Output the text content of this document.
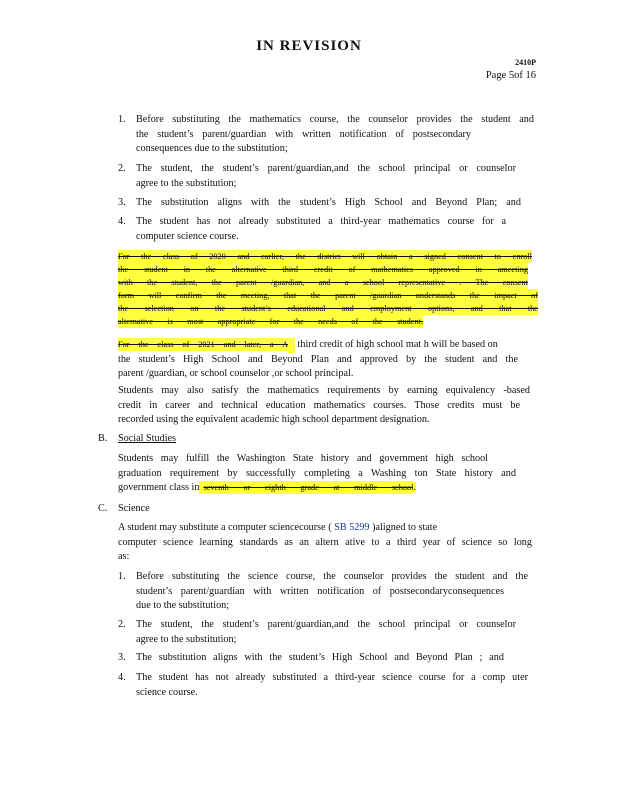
IN REVISION
2410P
Page 5of 16
1. Before substituting the mathematics course, the counselor provides the student and
the student’s parent/guardian with written notification of postsecondary
consequences due to the substitution;
2. The student, the student’s parent/guardian,and the school principal or counselor
agree to the substitution;
3. The substitution aligns with the student’s High School and Beyond Plan; and
4. The student has not already substituted a third-year mathematics course for a
computer science course.
For the class of 2020 and earlier, the district will obtain a signed consent to enroll
the student in the alternative third credit of mathematics approved in ameeting
with the student, the parent /guardian, and a school representative . The consent
form will confirm the meeting, that the parent /guardian understands the impact of
the selection on the student’s educational and employment options, and that the
alternative is most appropriate for the needs of the student.
For the class of 2021 and later, a A third credit of high school mat h will be based on
the student’s High School and Beyond Plan and approved by the student and the
parent /guardian, or school counselor ,or school principal.
Students may also satisfy the mathematics requirements by earning equivalency -based
credit in career and technical education mathematics courses. Those credits must be
recorded using the equivalent academic high school department designation.
B. Social Studies
Students may fulfill the Washington State history and government high school
graduation requirement by successfully completing a Washing ton State history and
government class in seventh or eighth grade at middle school.
C. Science
A student may substitute a computer sciencecourse ( SB 5299 )aligned to state
computer science learning standards as an altern ative to a third year of science so long
as:
1. Before substituting the science course, the counselor provides the student and the
student’s parent/guardian with written notification of postsecondaryconsequences
due to the substitution;
2. The student, the student’s parent/guardian,and the school principal or counselor
agree to the substitution;
3. The substitution aligns with the student’s High School and Beyond Plan ; and
4. The student has not already substituted a third-year science course for a comp uter
science course.
